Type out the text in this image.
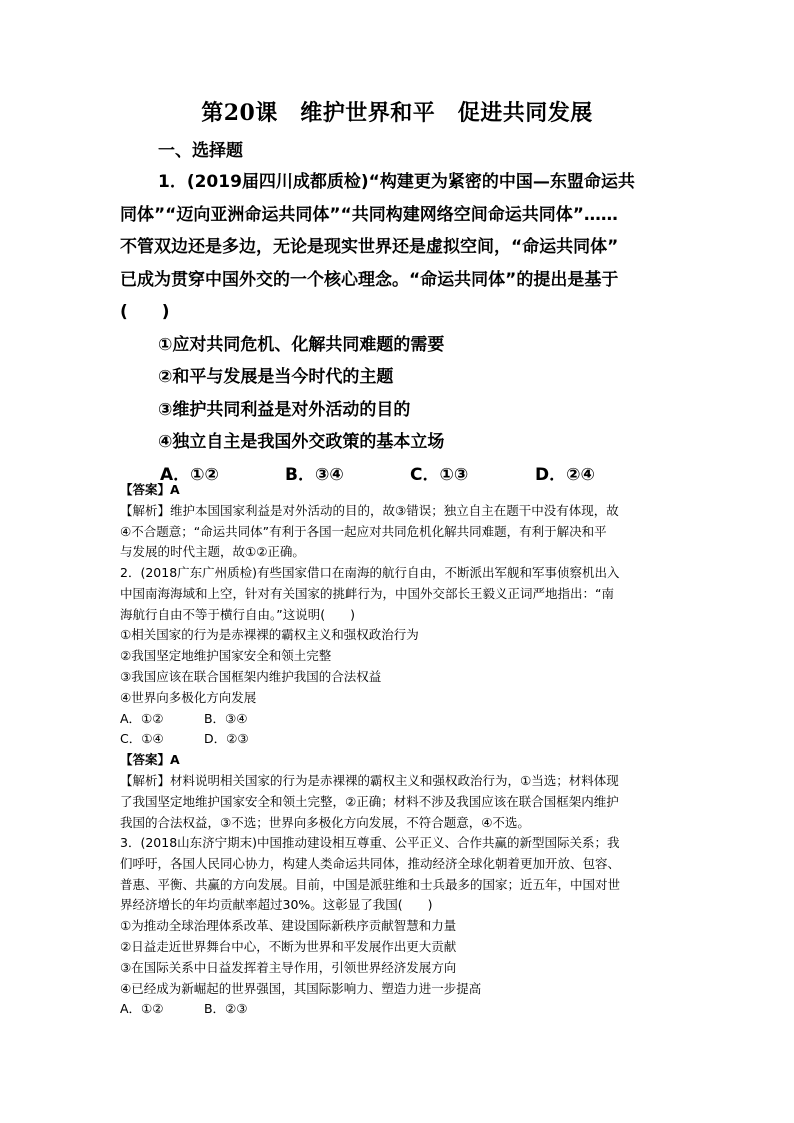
第20课　维护世界和平　促进共同发展
一、选择题
1．(2019届四川成都质检)“构建更为紧密的中国—东盟命运共
同体”“迈向亚洲命运共同体”“共同构建网络空间命运共同体”……
不管双边还是多边，无论是现实世界还是虚拟空间，“命运共同体”
已成为贯穿中国外交的一个核心理念。“命运共同体”的提出是基于
(　　)
①应对共同危机、化解共同难题的需要
②和平与发展是当今时代的主题
③维护共同利益是对外活动的目的
④独立自主是我国外交政策的基本立场
A．①②	B．③④	C．①③	D．②④
【答案】A
【解析】维护本国国家利益是对外活动的目的，故③错误；独立自主在题干中没有体现，故
④不合题意；“命运共同体”有利于各国一起应对共同危机化解共同难题，有利于解决和平
与发展的时代主题，故①②正确。
2．(2018广东广州质检)有些国家借口在南海的航行自由，不断派出军舰和军事侦察机出入
中国南海海域和上空，针对有关国家的挑衅行为，中国外交部长王毅义正词严地指出：“南
海航行自由不等于横行自由。”这说明(　　)
①相关国家的行为是赤裸裸的霸权主义和强权政治行为
②我国坚定地维护国家安全和领土完整
③我国应该在联合国框架内维护我国的合法权益
④世界向多极化方向发展
A．①②	B．③④
C．①④	D．②③
【答案】A
【解析】材料说明相关国家的行为是赤裸裸的霸权主义和强权政治行为，①当选；材料体现
了我国坚定地维护国家安全和领土完整，②正确；材料不涉及我国应该在联合国框架内维护
我国的合法权益，③不选；世界向多极化方向发展，不符合题意，④不选。
3．(2018山东济宁期末)中国推动建设相互尊重、公平正义、合作共赢的新型国际关系；我
们呼吁，各国人民同心协力，构建人类命运共同体，推动经济全球化朝着更加开放、包容、
普惠、平衡、共赢的方向发展。目前，中国是派驻维和士兵最多的国家；近五年，中国对世
界经济增长的年均贡献率超过30%。这彰显了我国(　　)
①为推动全球治理体系改革、建设国际新秩序贡献智慧和力量
②日益走近世界舞台中心，不断为世界和平发展作出更大贡献
③在国际关系中日益发挥着主导作用，引领世界经济发展方向
④已经成为新崛起的世界强国，其国际影响力、塑造力进一步提高
A．①②	B．②③
